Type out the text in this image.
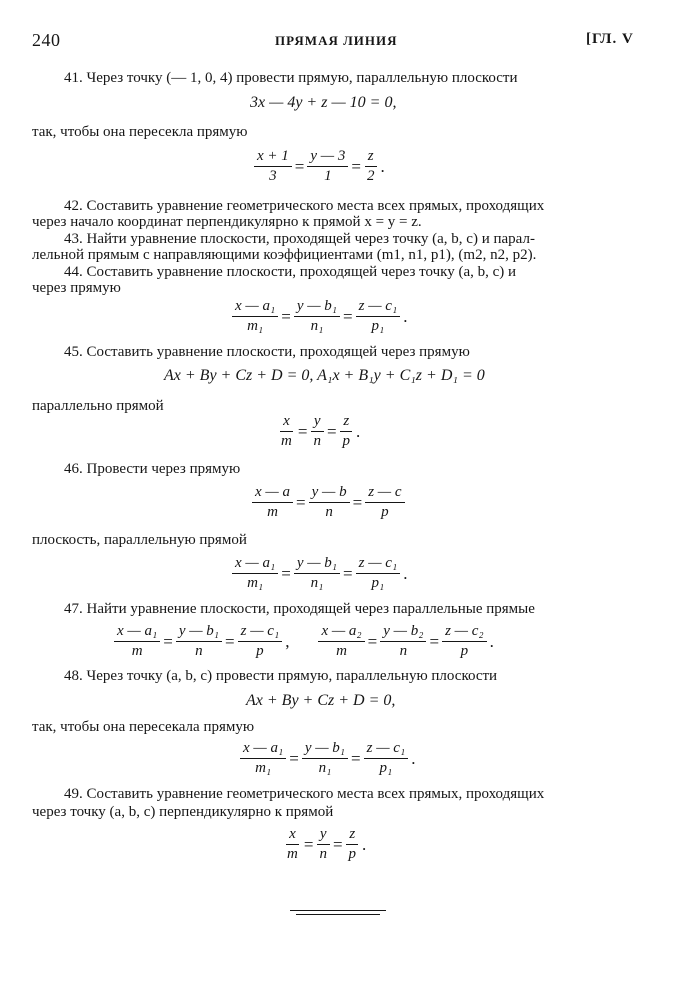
240	ПРЯМАЯ ЛИНИЯ	[ГЛ. V
41. Через точку (— 1, 0, 4) провести прямую, параллельную плоскости
3x — 4y + z — 10 = 0,
так, чтобы она пересекла прямую
$\frac{x + 1}{3} = \frac{y — 3}{1} = \frac{z}{2}$ .
42. Составить уравнение геометрического места всех прямых, проходящих
через начало координат перпендикулярно к прямой x = y = z.
43. Найти уравнение плоскости, проходящей через точку (a, b, c) и парал-
лельной прямым с направляющими коэффициентами (m1, n1, p1), (m2, n2, p2).
44. Составить уравнение плоскости, проходящей через точку (a, b, c) и
через прямую
$\frac{\text{x — a₁}}{\text{m₁}} = \frac{\text{y — b₁}}{\text{n₁}} = \frac{\text{z — c₁}}{\text{p₁}}$ .
45. Составить уравнение плоскости, проходящей через прямую
Ax + By + Cz + D = 0, A₁x + B₁y + C₁z + D₁ = 0
параллельно прямой
$\frac{x}{m} = \frac{y}{n} = \frac{z}{p}$ .
46. Провести через прямую
$\frac{x — a}{m} = \frac{y — b}{n} = \frac{z — c}{p}$
плоскость, параллельную прямой
$\frac{\text{x — a₁}}{\text{m₁}} = \frac{\text{y — b₁}}{\text{n₁}} = \frac{\text{z — c₁}}{\text{p₁}}$ .
47. Найти уравнение плоскости, проходящей через параллельные прямые
$\frac{\text{x — a₁}}{m} = \frac{\text{y — b₁}}{n} = \frac{\text{z — c₁}}{p}$ , $\frac{\text{x — a₂}}{m} = \frac{\text{y — b₂}}{n} = \frac{\text{z — c₂}}{p}$ .
48. Через точку (a, b, c) провести прямую, параллельную плоскости
Ax + By + Cz + D = 0,
так, чтобы она пересекала прямую
$\frac{\text{x — a₁}}{\text{m₁}} = \frac{\text{y — b₁}}{\text{n₁}} = \frac{\text{z — c₁}}{\text{p₁}}$ .
49. Составить уравнение геометрического места всех прямых, проходящих
через точку (a, b, c) перпендикулярно к прямой
$\frac{x}{m} = \frac{y}{n} = \frac{z}{p}$ .
